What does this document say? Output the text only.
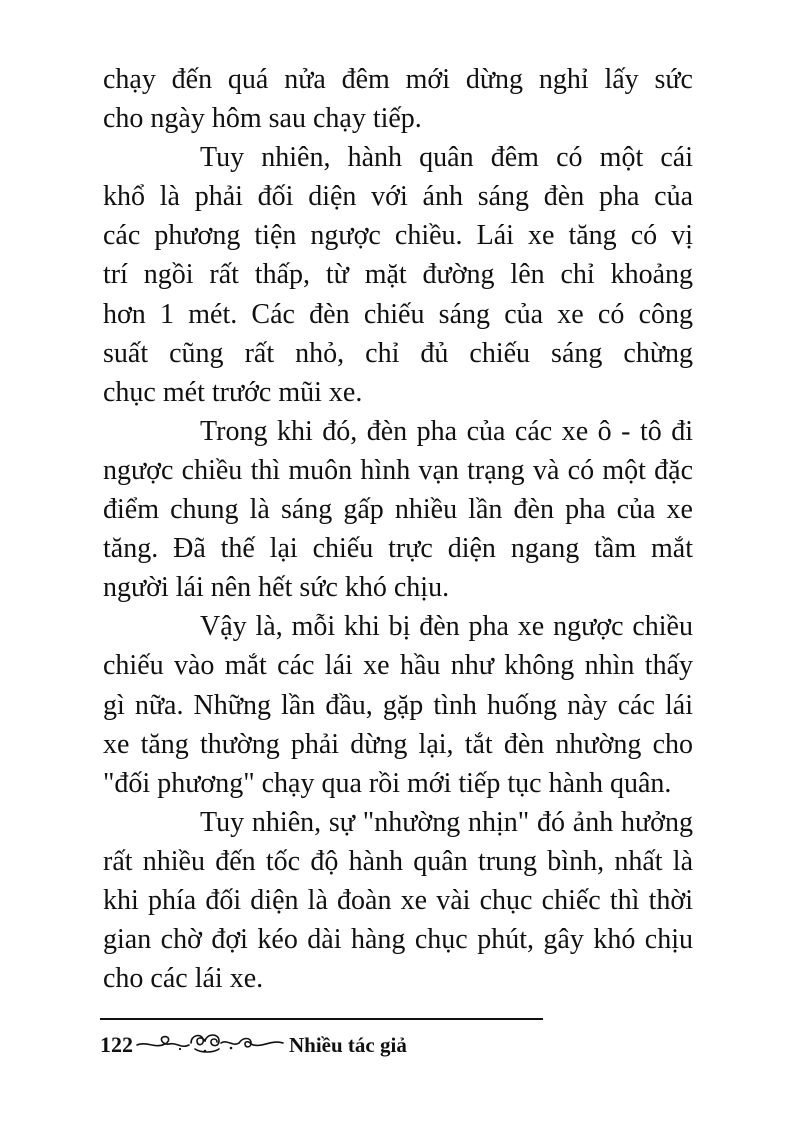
chạy đến quá nửa đêm mới dừng nghỉ lấy sức
cho ngày hôm sau chạy tiếp.
Tuy nhiên, hành quân đêm có một cái
khổ là phải đối diện với ánh sáng đèn pha của
các phương tiện ngược chiều. Lái xe tăng có vị
trí ngồi rất thấp, từ mặt đường lên chỉ khoảng
hơn 1 mét. Các đèn chiếu sáng của xe có công
suất cũng rất nhỏ, chỉ đủ chiếu sáng chừng
chục mét trước mũi xe.
Trong khi đó, đèn pha của các xe ô - tô đi
ngược chiều thì muôn hình vạn trạng và có một đặc
điểm chung là sáng gấp nhiều lần đèn pha của xe
tăng. Đã thế lại chiếu trực diện ngang tầm mắt
người lái nên hết sức khó chịu.
Vậy là, mỗi khi bị đèn pha xe ngược chiều
chiếu vào mắt các lái xe hầu như không nhìn thấy
gì nữa. Những lần đầu, gặp tình huống này các lái
xe tăng thường phải dừng lại, tắt đèn nhường cho
"đối phương" chạy qua rồi mới tiếp tục hành quân.
Tuy nhiên, sự "nhường nhịn" đó ảnh hưởng
rất nhiều đến tốc độ hành quân trung bình, nhất là
khi phía đối diện là đoàn xe vài chục chiếc thì thời
gian chờ đợi kéo dài hàng chục phút, gây khó chịu
cho các lái xe.
122	Nhiều tác giả
